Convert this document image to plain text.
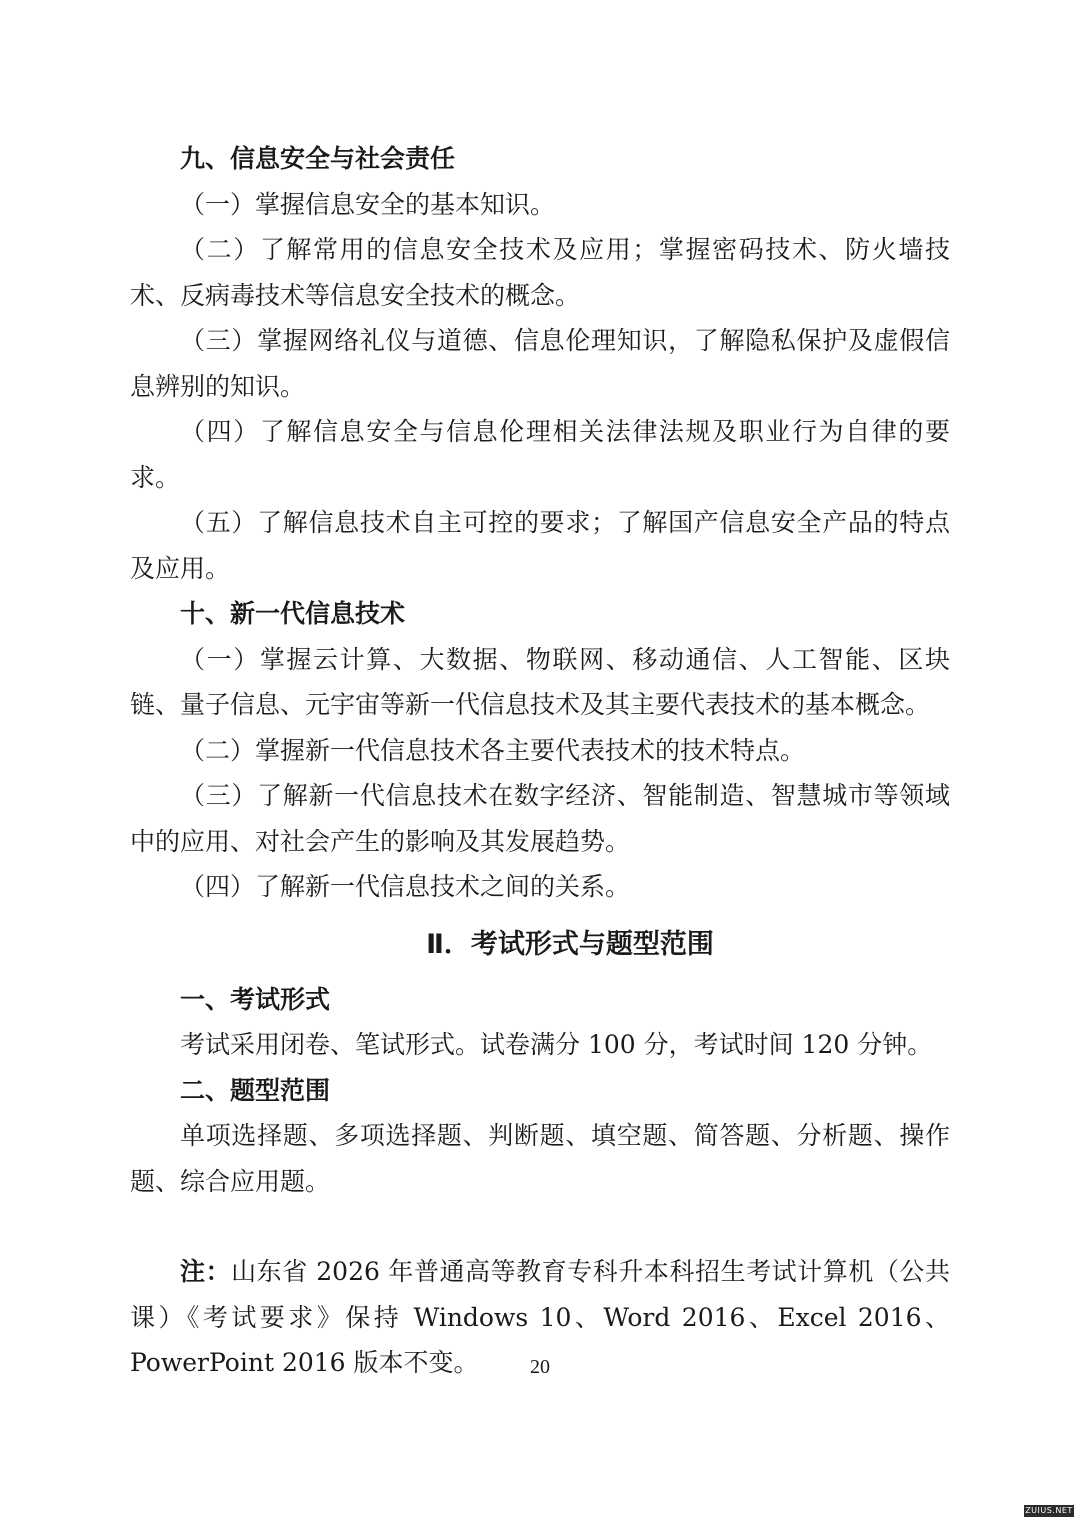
九、信息安全与社会责任

（一）掌握信息安全的基本知识。

（二）了解常用的信息安全技术及应用；掌握密码技术、防火墙技术、反病毒技术等信息安全技术的概念。

（三）掌握网络礼仪与道德、信息伦理知识，了解隐私保护及虚假信息辨别的知识。

（四）了解信息安全与信息伦理相关法律法规及职业行为自律的要求。

（五）了解信息技术自主可控的要求；了解国产信息安全产品的特点及应用。

十、新一代信息技术

（一）掌握云计算、大数据、物联网、移动通信、人工智能、区块链、量子信息、元宇宙等新一代信息技术及其主要代表技术的基本概念。

（二）掌握新一代信息技术各主要代表技术的技术特点。

（三）了解新一代信息技术在数字经济、智能制造、智慧城市等领域中的应用、对社会产生的影响及其发展趋势。

（四）了解新一代信息技术之间的关系。

Ⅱ．考试形式与题型范围

一、考试形式

考试采用闭卷、笔试形式。试卷满分 100 分，考试时间 120 分钟。

二、题型范围

单项选择题、多项选择题、判断题、填空题、简答题、分析题、操作题、综合应用题。

注：山东省 2026 年普通高等教育专科升本科招生考试计算机（公共课）《考试要求》保持 Windows 10、Word 2016、Excel 2016、PowerPoint 2016 版本不变。	20
ZUIUS.NET
